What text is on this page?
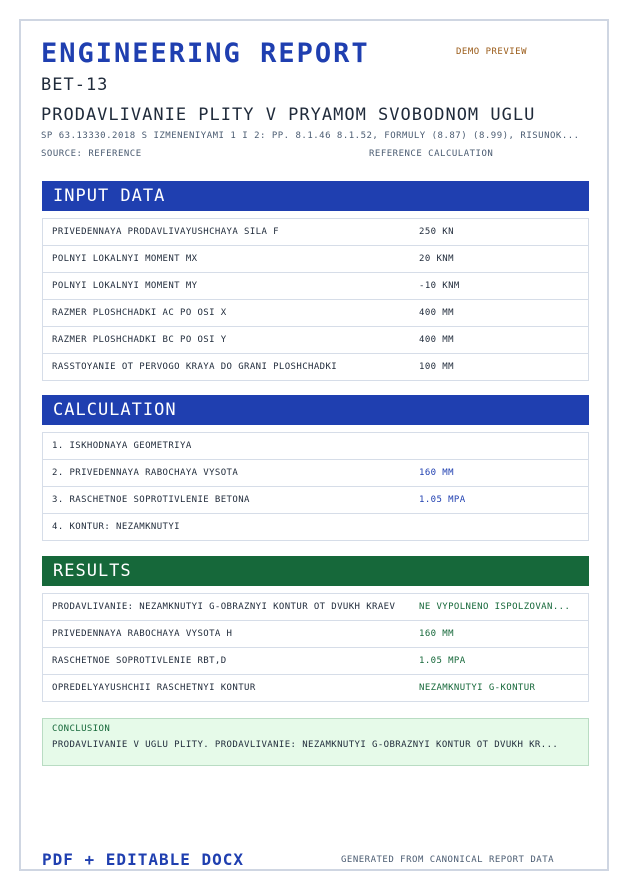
ENGINEERING REPORT	DEMO PREVIEW
BET-13
PRODAVLIVANIE PLITY V PRYAMOM SVOBODNOM UGLU
SP 63.13330.2018 S IZMENENIYAMI 1 I 2: PP. 8.1.46 8.1.52, FORMULY (8.87) (8.99), RISUNOK...
SOURCE: REFERENCE	REFERENCE CALCULATION
INPUT DATA
PRIVEDENNAYA PRODAVLIVAYUSHCHAYA SILA F	250 KN
POLNYI LOKALNYI MOMENT MX	20 KNM
POLNYI LOKALNYI MOMENT MY	-10 KNM
RAZMER PLOSHCHADKI AC PO OSI X	400 MM
RAZMER PLOSHCHADKI BC PO OSI Y	400 MM
RASSTOYANIE OT PERVOGO KRAYA DO GRANI PLOSHCHADKI	100 MM
CALCULATION
1. ISKHODNAYA GEOMETRIYA
2. PRIVEDENNAYA RABOCHAYA VYSOTA	160 MM
3. RASCHETNOE SOPROTIVLENIE BETONA	1.05 MPA
4. KONTUR: NEZAMKNUTYI
RESULTS
PRODAVLIVANIE: NEZAMKNUTYI G-OBRAZNYI KONTUR OT DVUKH KRAEV	NE VYPOLNENO ISPOLZOVAN...
PRIVEDENNAYA RABOCHAYA VYSOTA H	160 MM
RASCHETNOE SOPROTIVLENIE RBT,D	1.05 MPA
OPREDELYAYUSHCHII RASCHETNYI KONTUR	NEZAMKNUTYI G-KONTUR
CONCLUSION
PRODAVLIVANIE V UGLU PLITY. PRODAVLIVANIE: NEZAMKNUTYI G-OBRAZNYI KONTUR OT DVUKH KR...
PDF + EDITABLE DOCX	GENERATED FROM CANONICAL REPORT DATA
